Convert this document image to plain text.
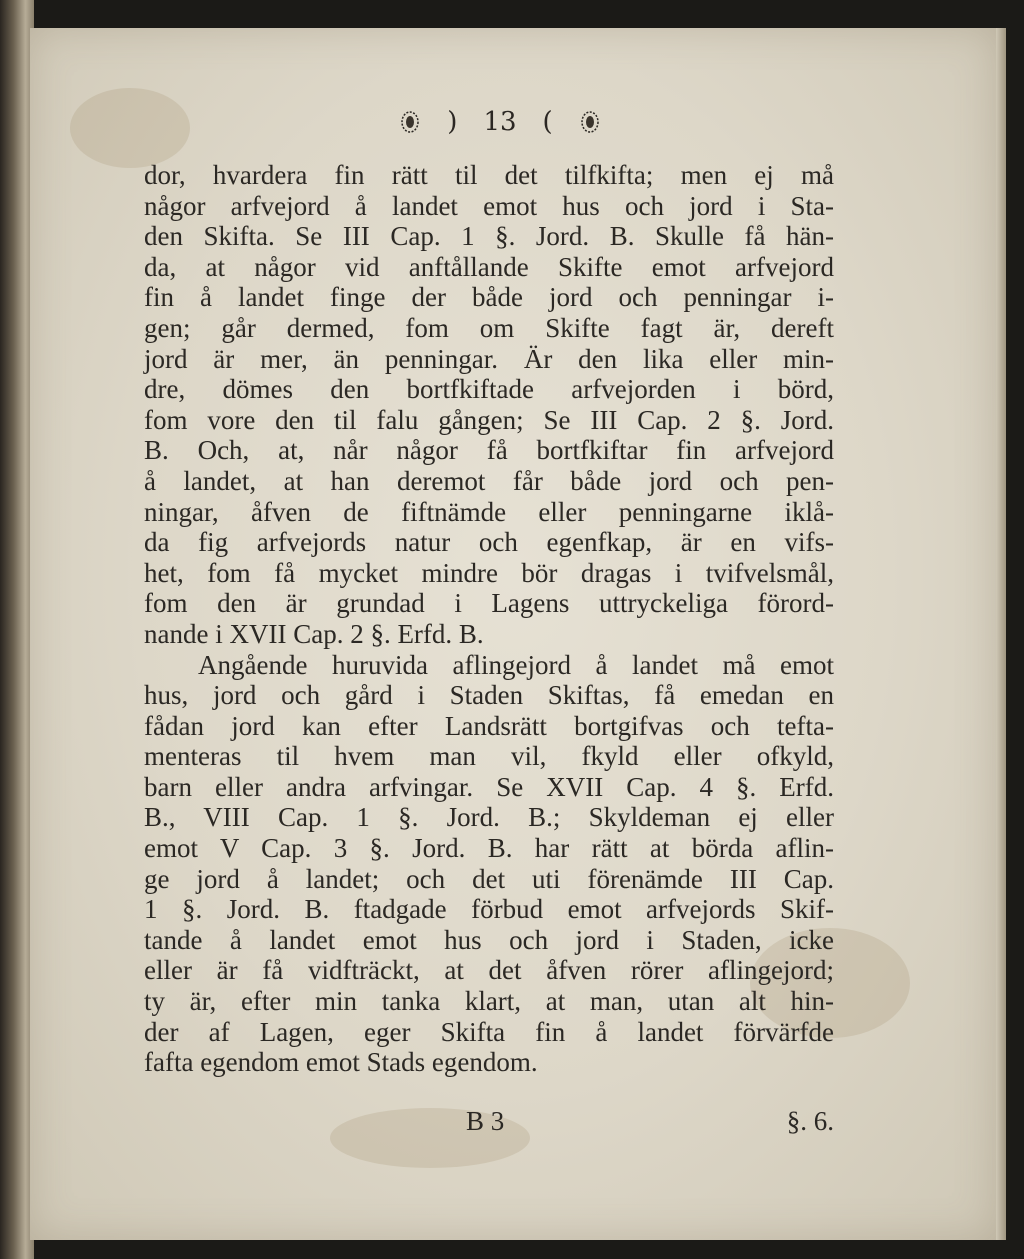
) 13 (
dor, hvardera fin rätt til det tilfkifta; men ej må
någor arfvejord å landet emot hus och jord i Sta-
den Skifta. Se III Cap. 1 §. Jord. B. Skulle få hän-
da, at någor vid anftållande Skifte emot arfvejord
fin å landet finge der både jord och penningar i-
gen; går dermed, fom om Skifte fagt är, dereft
jord är mer, än penningar. Är den lika eller min-
dre, dömes den bortfkiftade arfvejorden i börd,
fom vore den til falu gången; Se III Cap. 2 §. Jord.
B. Och, at, når någor få bortfkiftar fin arfvejord
å landet, at han deremot får både jord och pen-
ningar, åfven de fiftnämde eller penningarne iklå-
da fig arfvejords natur och egenfkap, är en vifs-
het, fom få mycket mindre bör dragas i tvifvelsmål,
fom den är grundad i Lagens uttryckeliga förord-
nande i XVII Cap. 2 §. Erfd. B.
Angående huruvida aflingejord å landet må emot
hus, jord och gård i Staden Skiftas, få emedan en
fådan jord kan efter Landsrätt bortgifvas och tefta-
menteras til hvem man vil, fkyld eller ofkyld,
barn eller andra arfvingar. Se XVII Cap. 4 §. Erfd.
B., VIII Cap. 1 §. Jord. B.; Skyldeman ej eller
emot V Cap. 3 §. Jord. B. har rätt at börda aflin-
ge jord å landet; och det uti förenämde III Cap.
1 §. Jord. B. ftadgade förbud emot arfvejords Skif-
tande å landet emot hus och jord i Staden, icke
eller är få vidfträckt, at det åfven rörer aflingejord;
ty är, efter min tanka klart, at man, utan alt hin-
der af Lagen, eger Skifta fin å landet förvärfde
fafta egendom emot Stads egendom.
B 3	§. 6.
